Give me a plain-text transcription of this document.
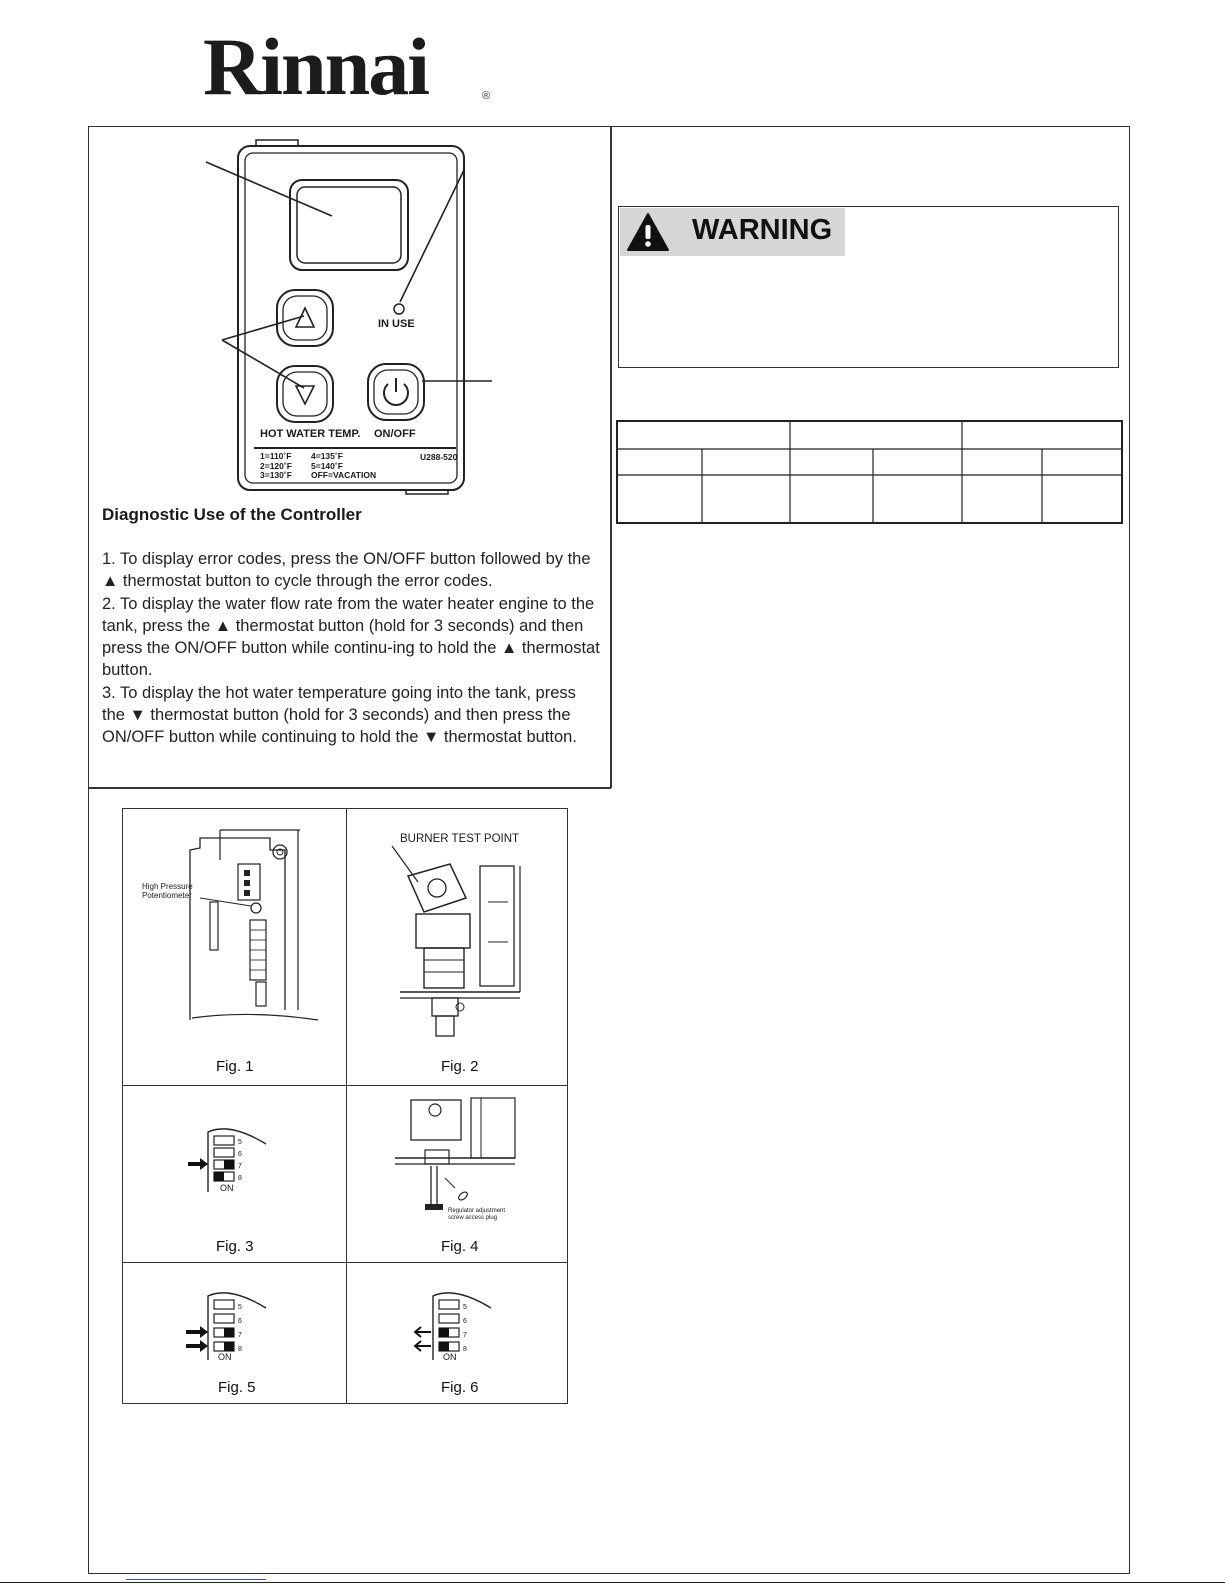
Rinnai	®
IN USE
HOT WATER TEMP. ON/OFF
U288-520
1=110˚F
2=120˚F
3=130˚F
4=135˚F
5=140˚F
OFF=VACATION
Diagnostic Use of the Controller

1. To display error codes, press the ON/OFF button followed by the ▲ thermostat button to cycle through the error codes.

2. To display the water flow rate from the water heater engine to the tank, press the ▲ thermostat button (hold for 3 seconds) and then press the ON/OFF button while continu-ing to hold the ▲ thermostat button.

3. To display the hot water temperature going into the tank, press the ▼ thermostat button (hold for 3 seconds) and then press the ON/OFF button while continuing to hold the ▼ thermostat button.

WARNING
High Pressure Potentiometer
Fig. 1
BURNER TEST POINT
Fig. 2
ON
5
6
7
8
Fig. 3
Regulator adjustment screw access plug
Fig. 4
ON
5
6
7
8
Fig. 5
ON
5
6
7
8
Fig. 6
